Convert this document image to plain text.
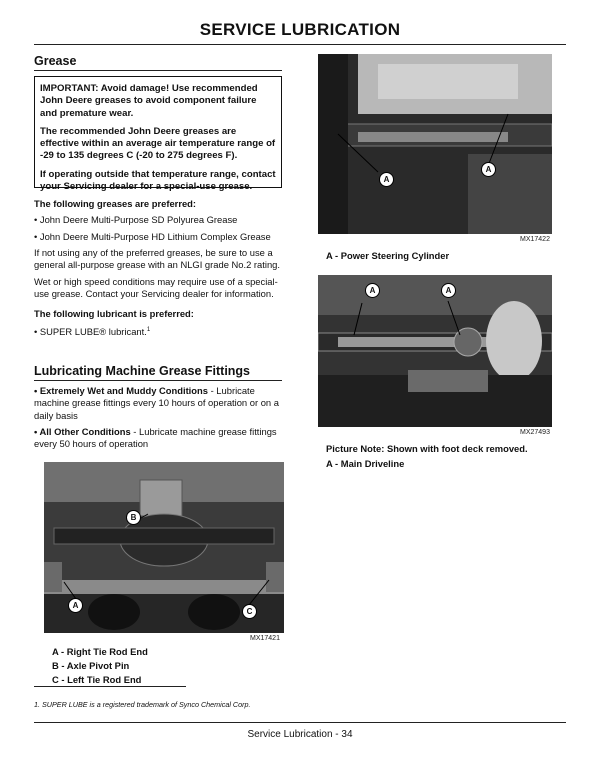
SERVICE LUBRICATION
Grease

IMPORTANT: Avoid damage! Use recommended John Deere greases to avoid component failure and premature wear.

The recommended John Deere greases are effective within an average air temperature range of -29 to 135 degrees C (-20 to 275 degrees F).

If operating outside that temperature range, contact your Servicing dealer for a special-use grease.

The following greases are preferred:
• John Deere Multi-Purpose SD Polyurea Grease
• John Deere Multi-Purpose HD Lithium Complex Grease
If not using any of the preferred greases, be sure to use a general all-purpose grease with an NLGI grade No.2 rating.
Wet or high speed conditions may require use of a special-use grease. Contact your Servicing dealer for information.
The following lubricant is preferred:
• SUPER LUBE® lubricant.$^1$
Lubricating Machine Grease Fittings
• Extremely Wet and Muddy Conditions - Lubricate machine grease fittings every 10 hours of operation or on a daily basis
• All Other Conditions - Lubricate machine grease fittings every 50 hours of operation
B
A
C
MX17421
A - Right Tie Rod End
B - Axle Pivot Pin
C - Left Tie Rod End
A
A
MX17422
A - Power Steering Cylinder
A	A
MX27493
Picture Note: Shown with foot deck removed.
A - Main Driveline
1. SUPER LUBE is a registered trademark of Synco Chemical Corp.
Service Lubrication - 34
